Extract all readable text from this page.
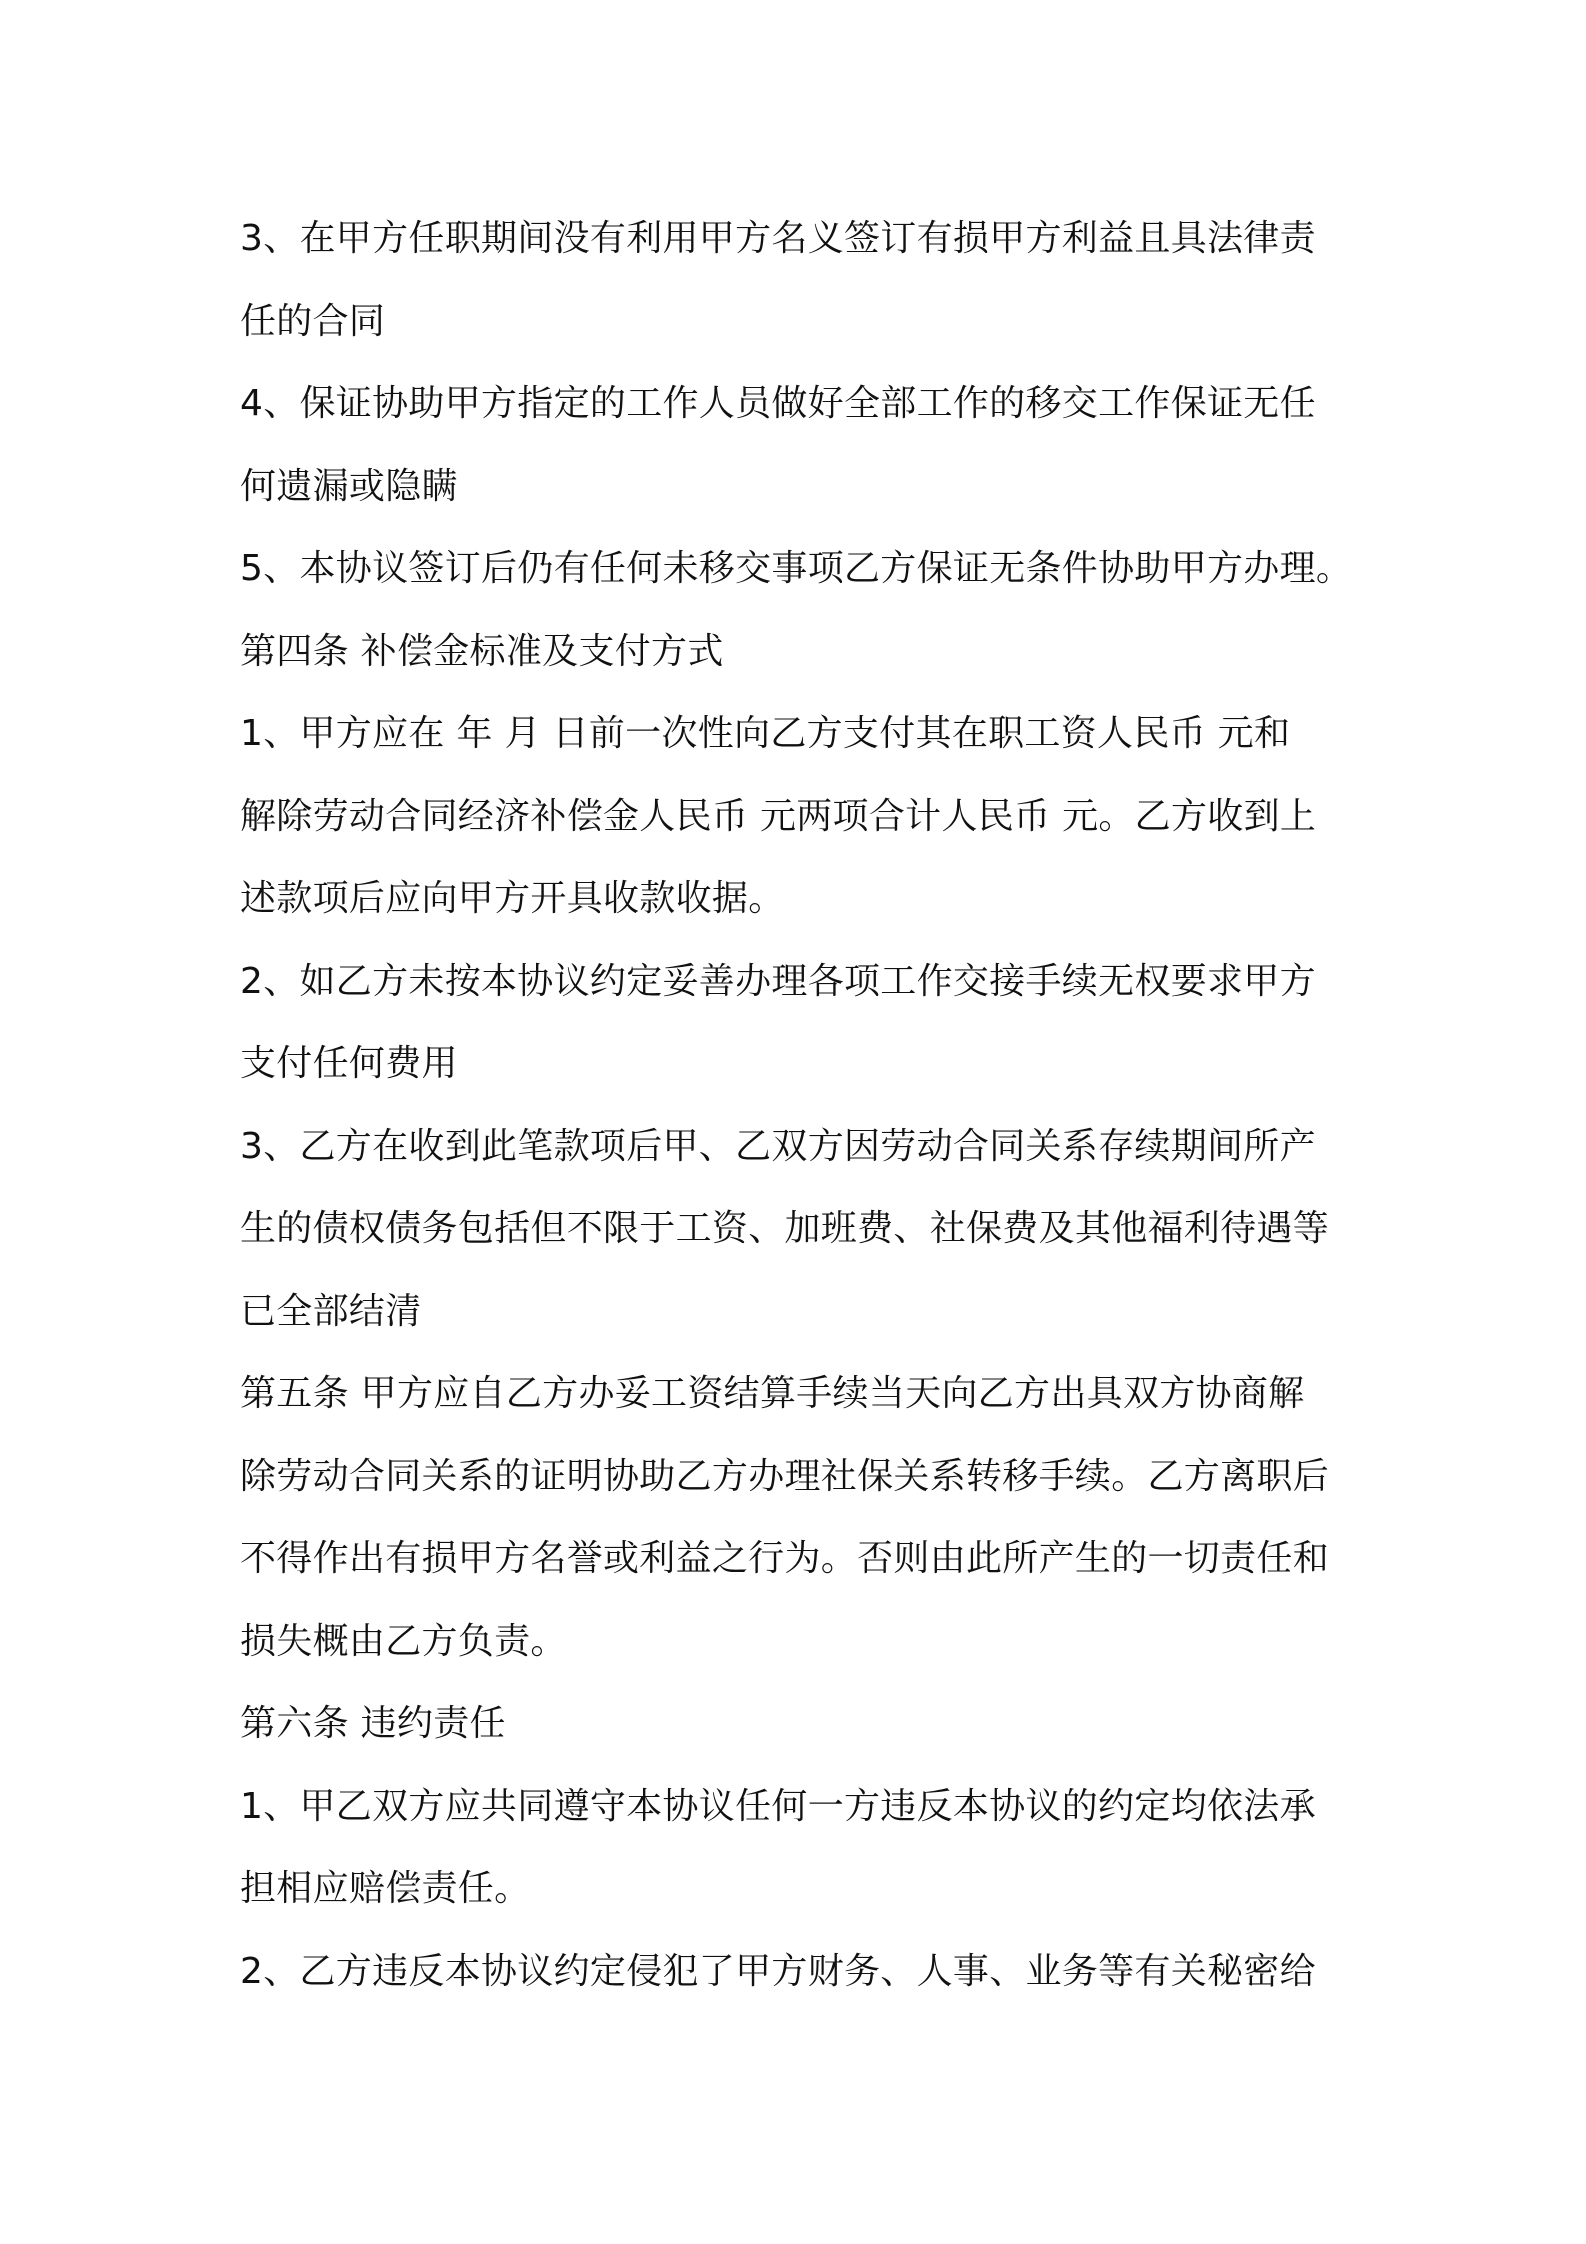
3、在甲方任职期间没有利用甲方名义签订有损甲方利益且具法律责
任的合同
4、保证协助甲方指定的工作人员做好全部工作的移交工作保证无任
何遗漏或隐瞒
5、本协议签订后仍有任何未移交事项乙方保证无条件协助甲方办理。
第四条 补偿金标准及支付方式
1、甲方应在 年 月 日前一次性向乙方支付其在职工资人民币 元和
解除劳动合同经济补偿金人民币 元两项合计人民币 元。乙方收到上
述款项后应向甲方开具收款收据。
2、如乙方未按本协议约定妥善办理各项工作交接手续无权要求甲方
支付任何费用
3、乙方在收到此笔款项后甲、乙双方因劳动合同关系存续期间所产
生的债权债务包括但不限于工资、加班费、社保费及其他福利待遇等
已全部结清
第五条 甲方应自乙方办妥工资结算手续当天向乙方出具双方协商解
除劳动合同关系的证明协助乙方办理社保关系转移手续。乙方离职后
不得作出有损甲方名誉或利益之行为。否则由此所产生的一切责任和
损失概由乙方负责。
第六条 违约责任
1、甲乙双方应共同遵守本协议任何一方违反本协议的约定均依法承
担相应赔偿责任。
2、乙方违反本协议约定侵犯了甲方财务、人事、业务等有关秘密给
